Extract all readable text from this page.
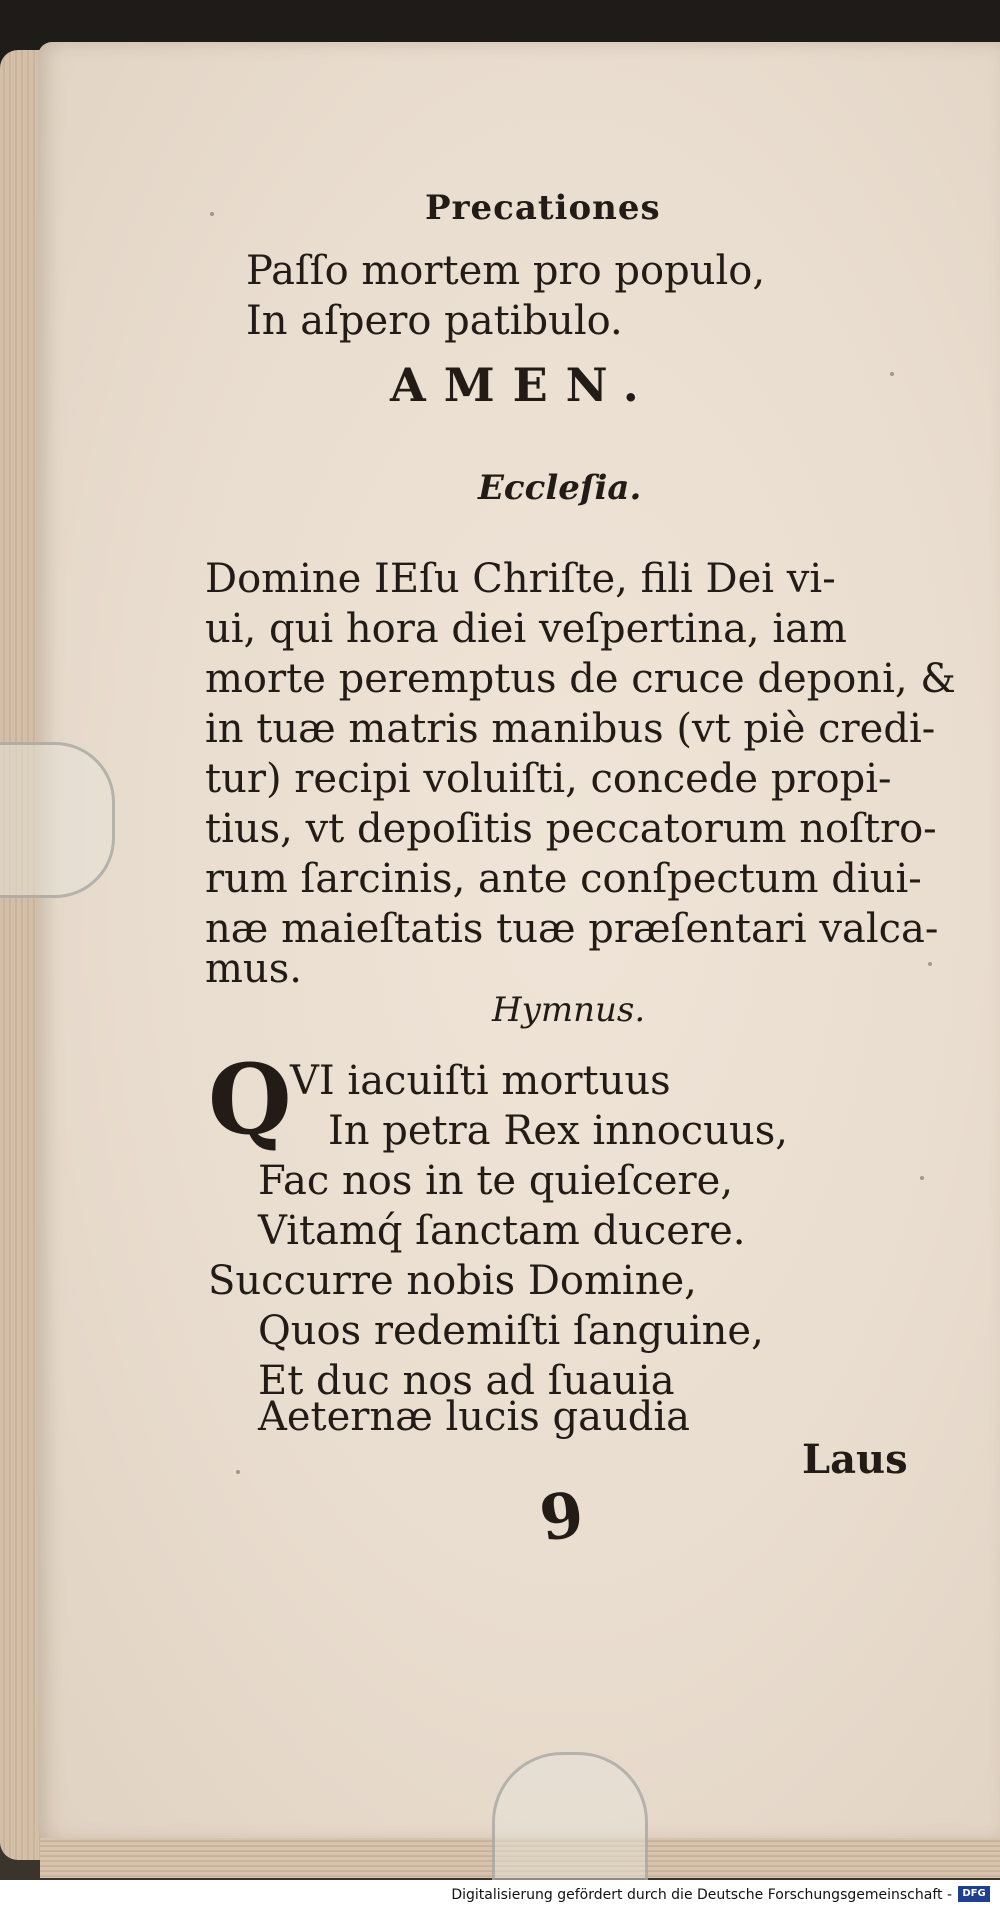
Precationes
Paſſo mortem pro populo,
In aſpero patibulo.
AMEN.
Eccleſia.
Domine IEſu Chriſte, fili Dei vi-
ui, qui hora diei veſpertina, iam
morte peremptus de cruce deponi, &
in tuæ matris manibus (vt piè credi-
tur) recipi voluiſti, concede propi-
tius, vt depoſitis peccatorum noſtro-
rum ſarcinis, ante conſpectum diui-
næ maieſtatis tuæ præſentari valca-
mus.
Hymnus.
Q
VI iacuiſti mortuus
In petra Rex innocuus,
Fac nos in te quieſcere,
Vitamq́ ſanctam ducere.
Succurre nobis Domine,
Quos redemiſti ſanguine,
Et duc nos ad ſuauia
Aeternæ lucis gaudia
Laus
9
Digitalisierung gefördert durch die Deutsche Forschungsgemeinschaft -	DFG
